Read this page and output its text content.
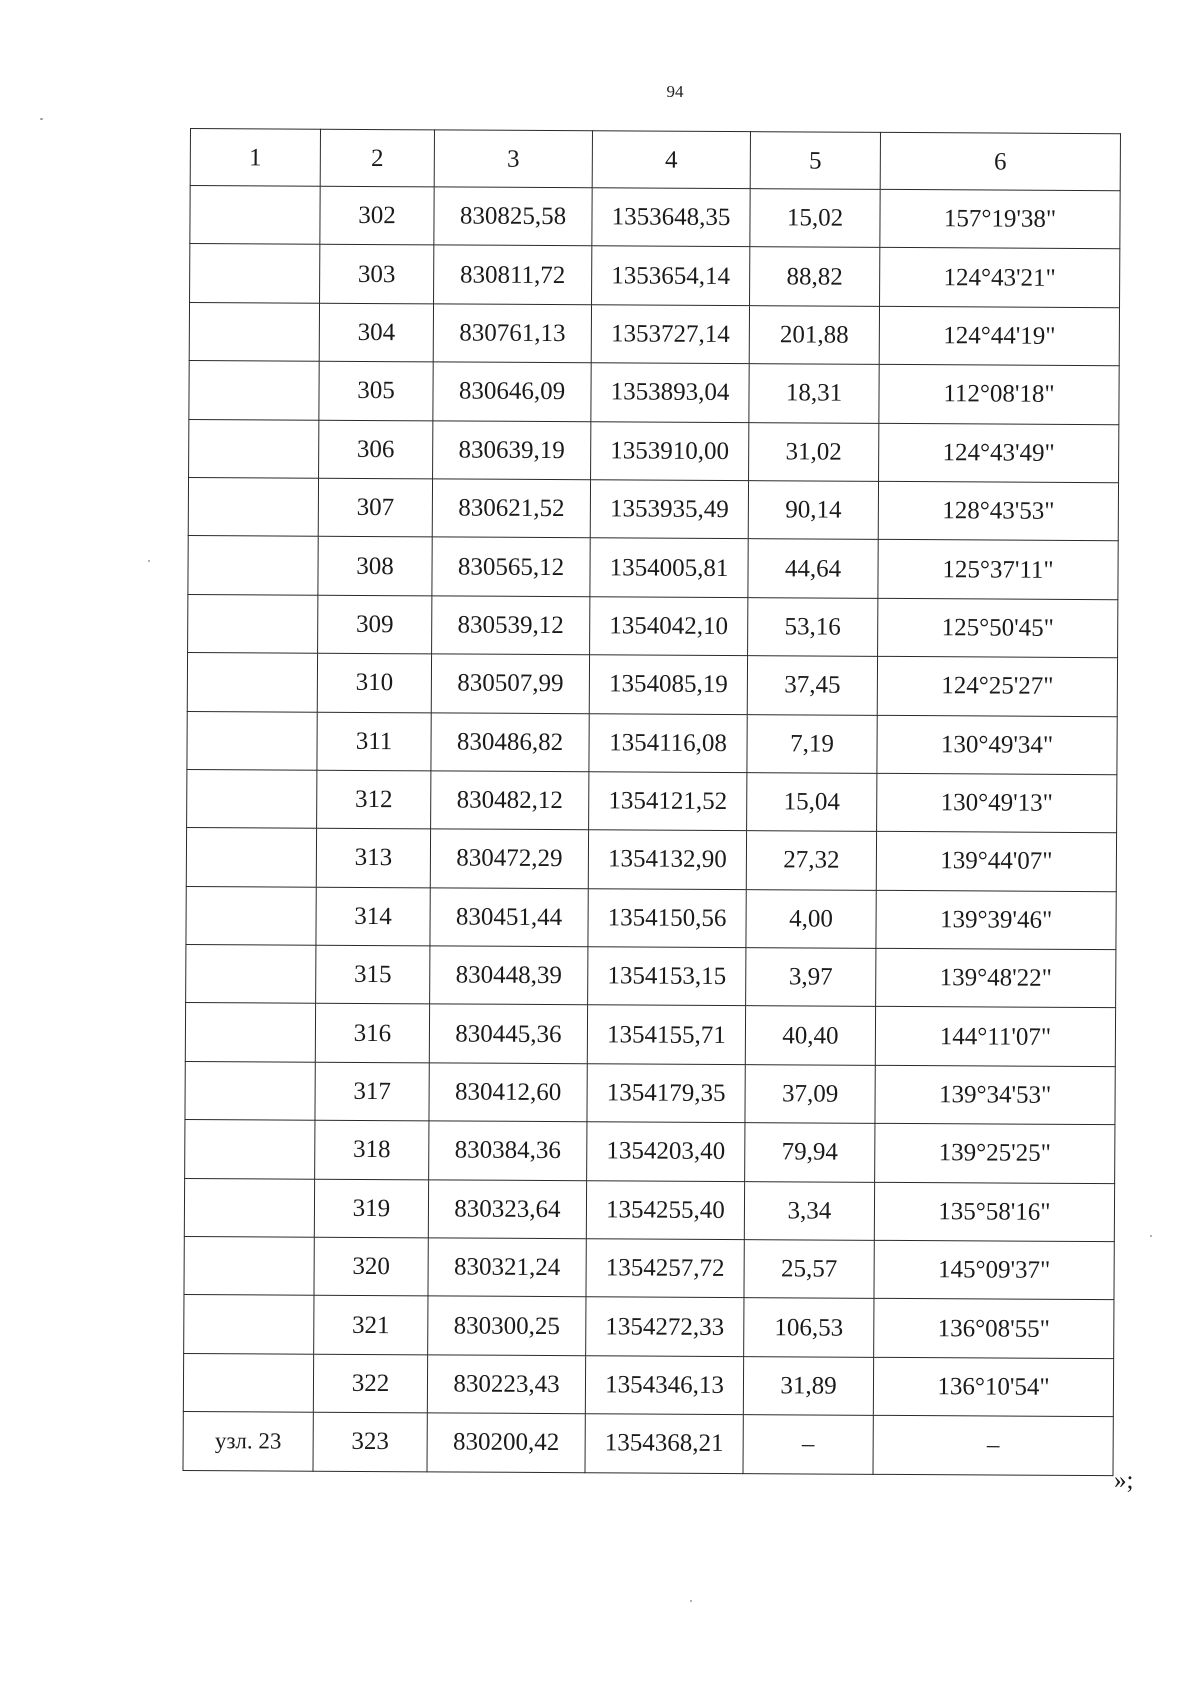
94
1	2	3	4	5	6
	302	830825,58	1353648,35	15,02	157°19'38"
	303	830811,72	1353654,14	88,82	124°43'21"
	304	830761,13	1353727,14	201,88	124°44'19"
	305	830646,09	1353893,04	18,31	112°08'18"
	306	830639,19	1353910,00	31,02	124°43'49"
	307	830621,52	1353935,49	90,14	128°43'53"
	308	830565,12	1354005,81	44,64	125°37'11"
	309	830539,12	1354042,10	53,16	125°50'45"
	310	830507,99	1354085,19	37,45	124°25'27"
	311	830486,82	1354116,08	7,19	130°49'34"
	312	830482,12	1354121,52	15,04	130°49'13"
	313	830472,29	1354132,90	27,32	139°44'07"
	314	830451,44	1354150,56	4,00	139°39'46"
	315	830448,39	1354153,15	3,97	139°48'22"
	316	830445,36	1354155,71	40,40	144°11'07"
	317	830412,60	1354179,35	37,09	139°34'53"
	318	830384,36	1354203,40	79,94	139°25'25"
	319	830323,64	1354255,40	3,34	135°58'16"
	320	830321,24	1354257,72	25,57	145°09'37"
	321	830300,25	1354272,33	106,53	136°08'55"
	322	830223,43	1354346,13	31,89	136°10'54"
узл. 23	323	830200,42	1354368,21	–	–
»;
